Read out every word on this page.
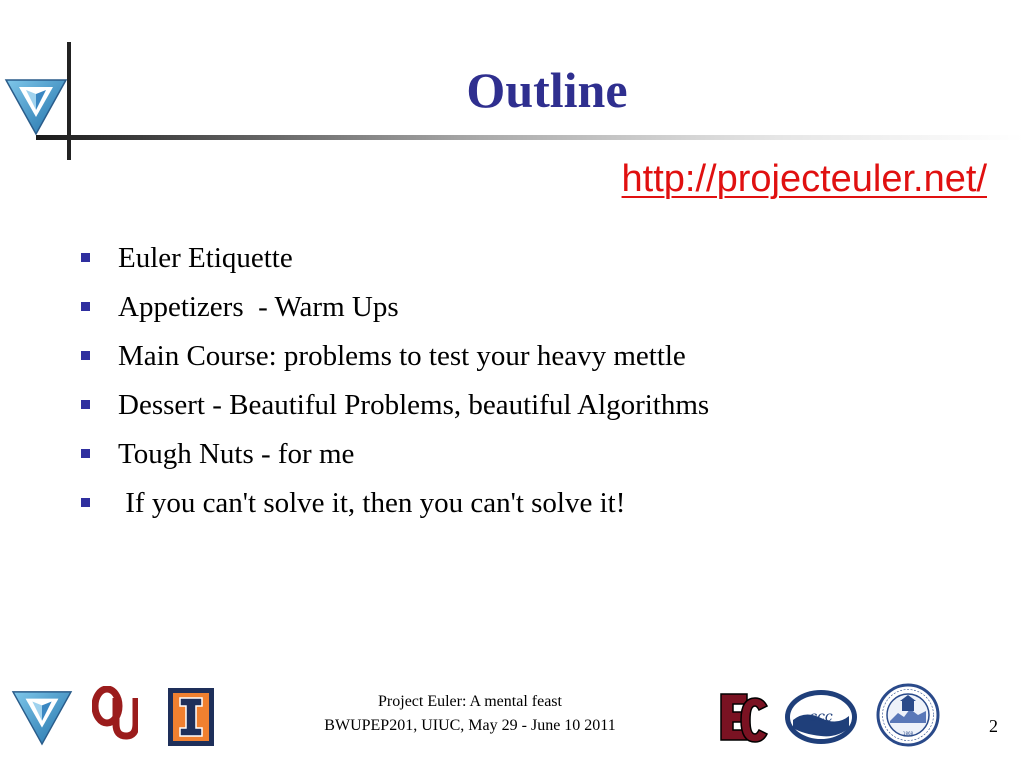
Outline
http://projecteuler.net/
Euler Etiquette
Appetizers  - Warm Ups
Main Course: problems to test your heavy mettle
Dessert - Beautiful Problems, beautiful Algorithms
Tough Nuts - for me
If you can't solve it, then you can't solve it!
Project Euler: A mental feast
BWUPEP201, UIUC, May 29 - June 10 2011	ccc
1868	2
